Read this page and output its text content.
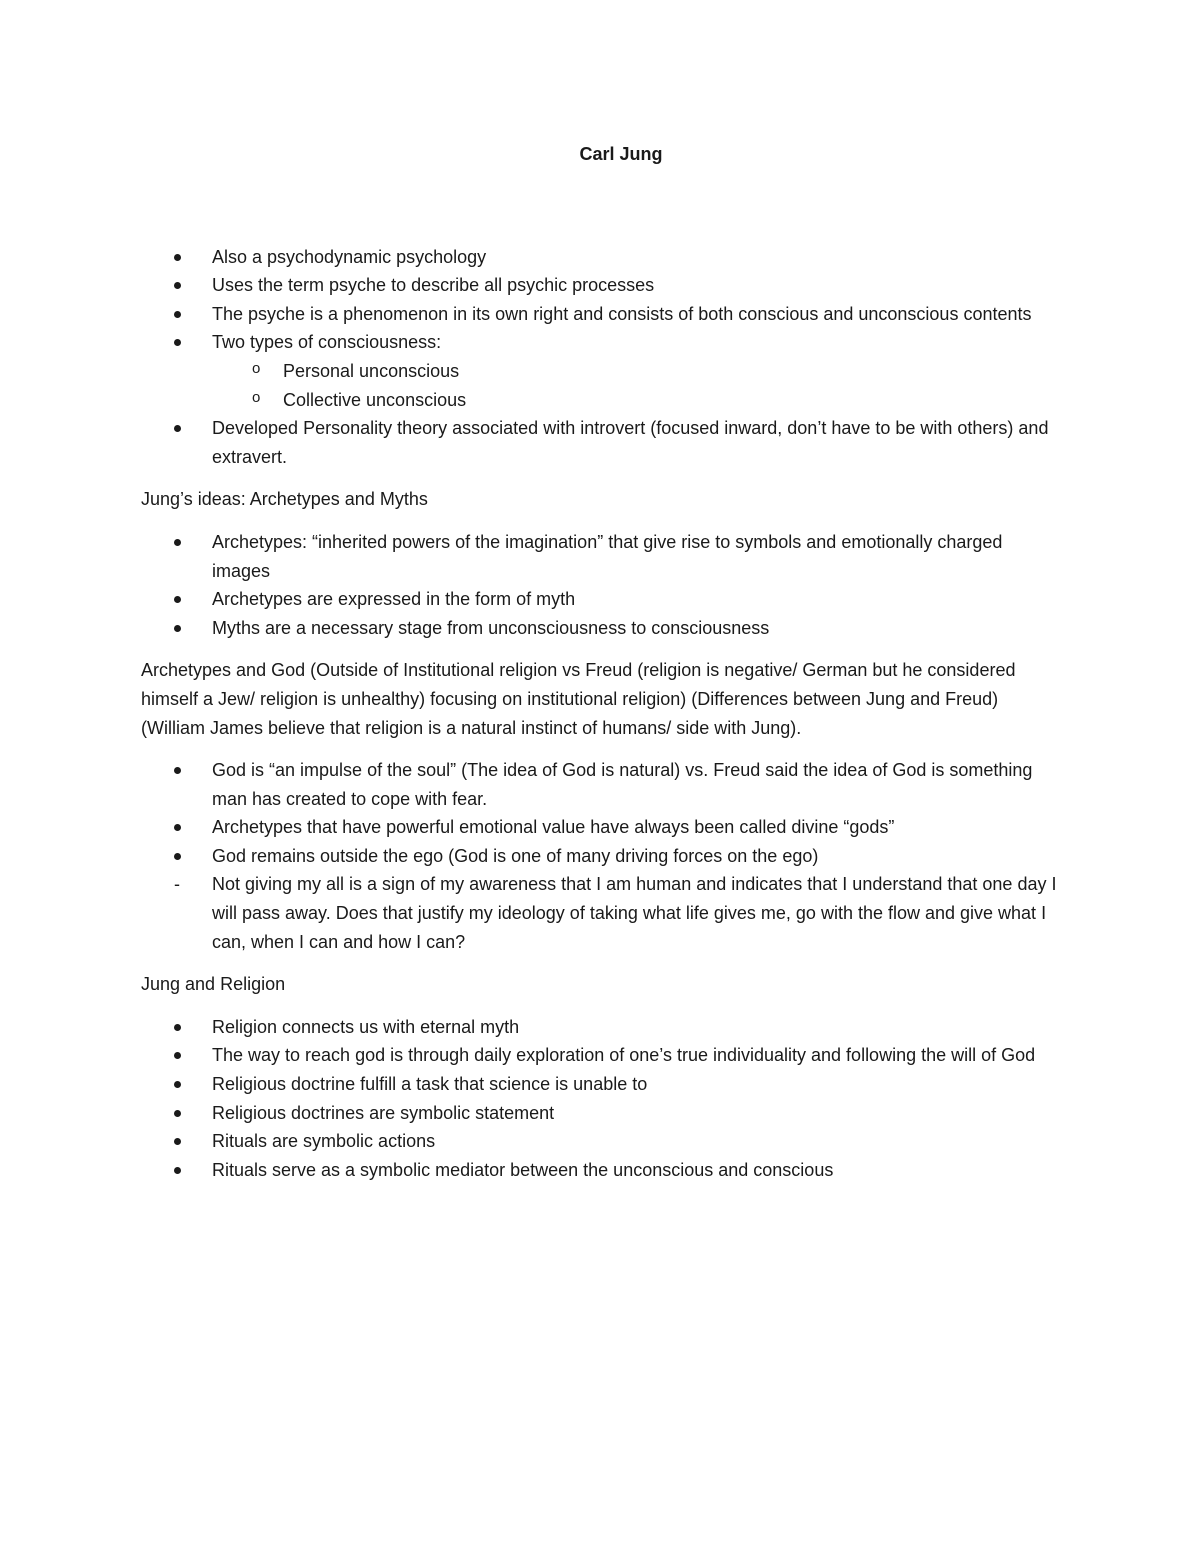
Carl Jung
Also a psychodynamic psychology
Uses the term psyche to describe all psychic processes
The psyche is a phenomenon in its own right and consists of both conscious and unconscious contents
Two types of consciousness:
o Personal unconscious
o Collective unconscious
Developed Personality theory associated with introvert (focused inward, don’t have to be with others) and extravert.
Jung’s ideas: Archetypes and Myths
Archetypes: “inherited powers of the imagination” that give rise to symbols and emotionally charged images
Archetypes are expressed in the form of myth
Myths are a necessary stage from unconsciousness to consciousness
Archetypes and God (Outside of Institutional religion vs Freud (religion is negative/ German but he considered himself a Jew/ religion is unhealthy) focusing on institutional religion) (Differences between Jung and Freud) (William James believe that religion is a natural instinct of humans/ side with Jung).
God is “an impulse of the soul” (The idea of God is natural) vs. Freud said the idea of God is something man has created to cope with fear.
Archetypes that have powerful emotional value have always been called divine “gods”
God remains outside the ego (God is one of many driving forces on the ego)
-	Not giving my all is a sign of my awareness that I am human and indicates that I understand that one day I will pass away. Does that justify my ideology of taking what life gives me, go with the flow and give what I can, when I can and how I can?
Jung and Religion
Religion connects us with eternal myth
The way to reach god is through daily exploration of one’s true individuality and following the will of God
Religious doctrine fulfill a task that science is unable to
Religious doctrines are symbolic statement
Rituals are symbolic actions
Rituals serve as a symbolic mediator between the unconscious and conscious
